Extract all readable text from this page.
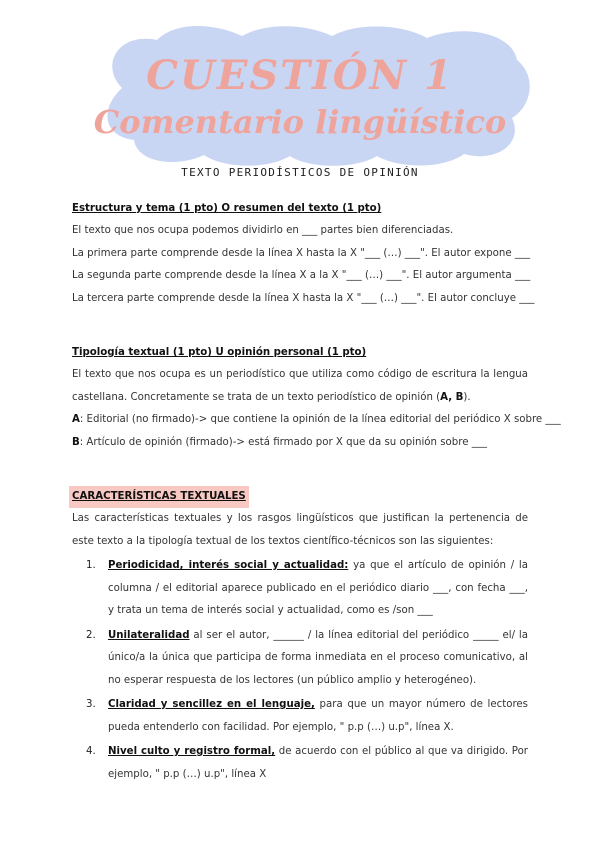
CUESTIÓN 1
Comentario lingüístico
TEXTO PERIODÍSTICOS DE OPINIÓN
Estructura y tema (1 pto) O resumen del texto (1 pto)
El texto que nos ocupa podemos dividirlo en ___ partes bien diferenciadas.
La primera parte comprende desde la línea X hasta la X "___ (…) ___". El autor expone ___
La segunda parte comprende desde la línea X a la X "___ (…) ___". El autor argumenta ___
La tercera parte comprende desde la línea X hasta la X "___ (…) ___". El autor concluye ___
Tipología textual (1 pto) U opinión personal (1 pto)
El texto que nos ocupa es un periodístico que utiliza como código de escritura la lengua castellana. Concretamente se trata de un texto periodístico de opinión (A, B).
A: Editorial (no firmado)-> que contiene la opinión de la línea editorial del periódico X sobre ___
B: Artículo de opinión (firmado)-> está firmado por X que da su opinión sobre ___
CARACTERÍSTICAS TEXTUALES
Las características textuales y los rasgos lingüísticos que justifican la pertenencia de este texto a la tipología textual de los textos científico-técnicos son las siguientes:
1. Periodicidad, interés social y actualidad: ya que el artículo de opinión / la columna / el editorial aparece publicado en el periódico diario ___, con fecha ___, y trata un tema de interés social y actualidad, como es /son ___
2. Unilateralidad al ser el autor, ______ / la línea editorial del periódico _____ el/ la único/a la única que participa de forma inmediata en el proceso comunicativo, al no esperar respuesta de los lectores (un público amplio y heterogéneo).
3. Claridad y sencillez en el lenguaje, para que un mayor número de lectores pueda entenderlo con facilidad. Por ejemplo, " p.p (…) u.p", línea X.
4. Nivel culto y registro formal, de acuerdo con el público al que va dirigido. Por ejemplo, " p.p (…) u.p", línea X
